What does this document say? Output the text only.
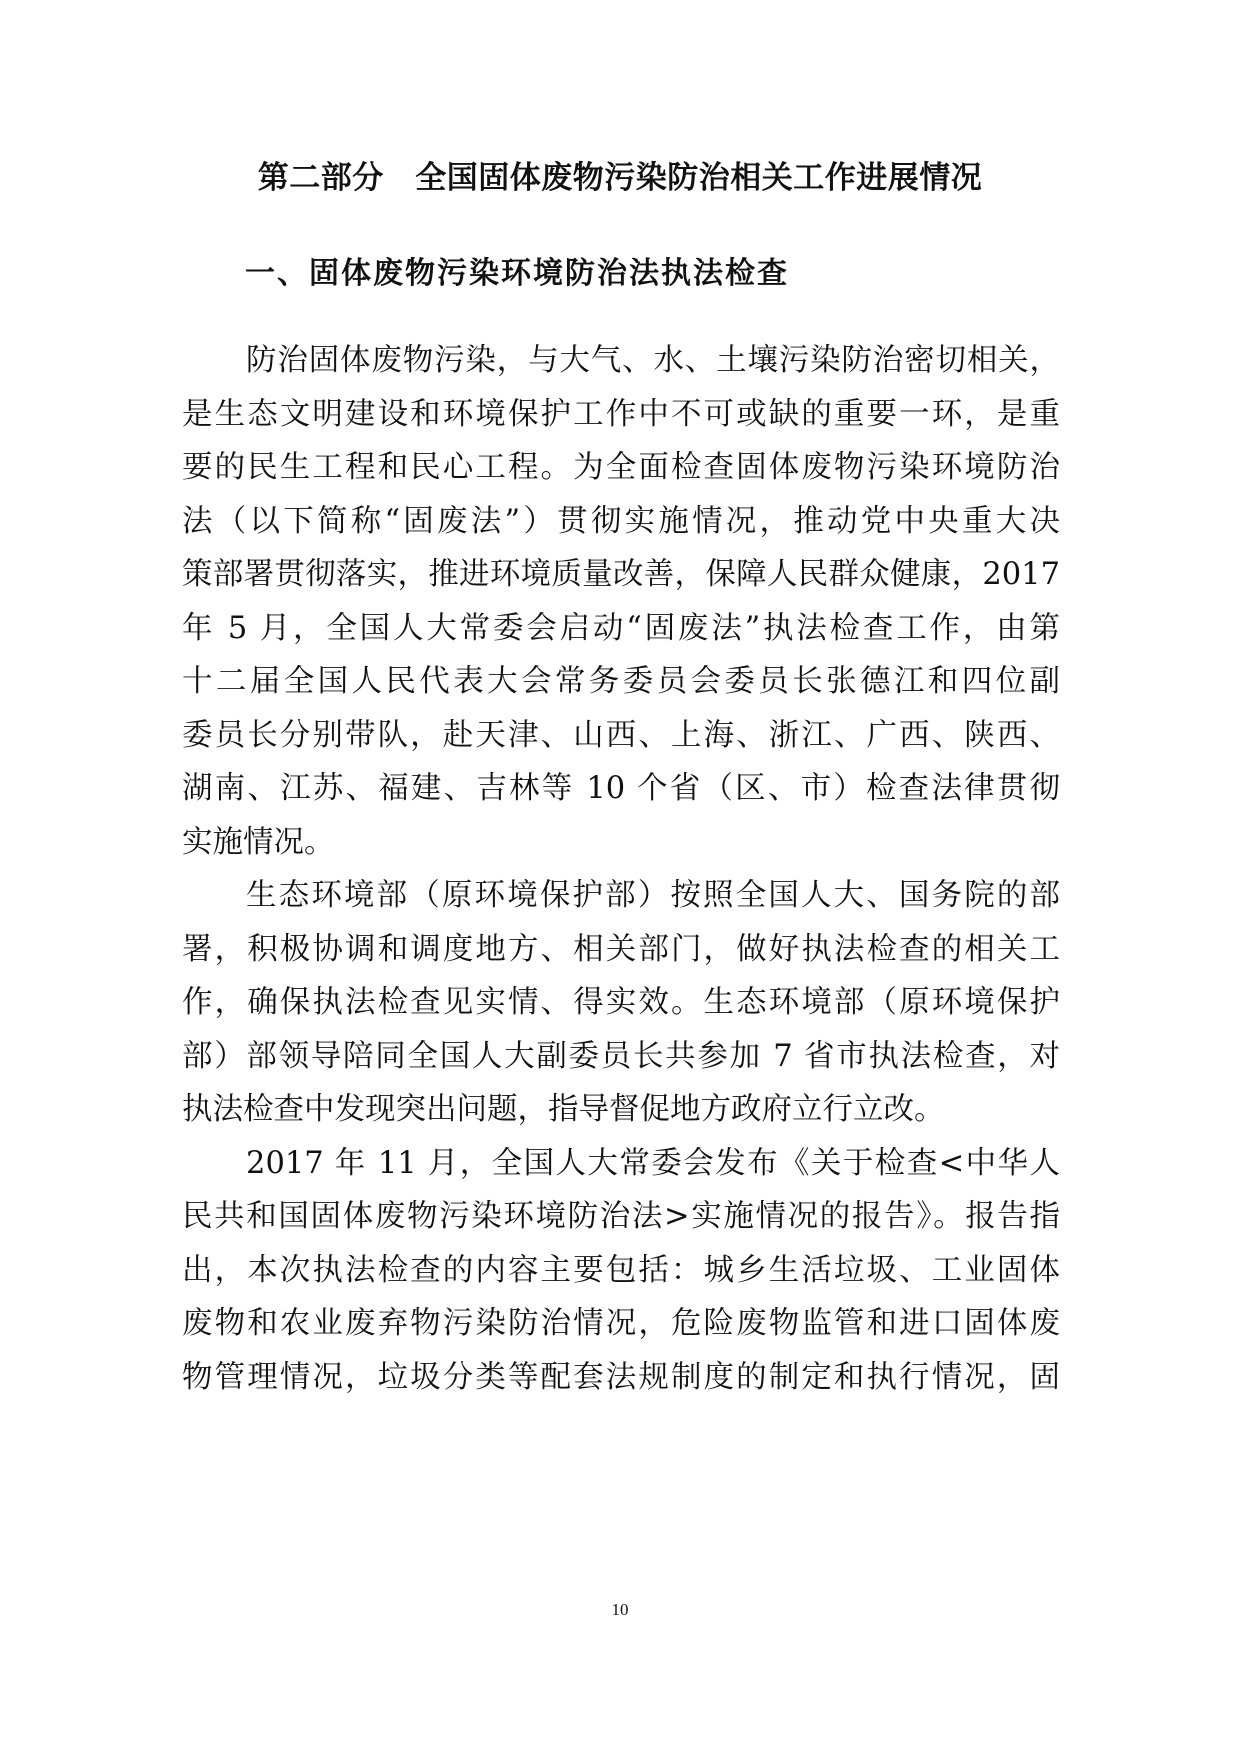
第二部分　全国固体废物污染防治相关工作进展情况
一、固体废物污染环境防治法执法检查

防治固体废物污染，与大气、水、土壤污染防治密切相关，
是生态文明建设和环境保护工作中不可或缺的重要一环，是重
要的民生工程和民心工程。为全面检查固体废物污染环境防治
法（以下简称“固废法”）贯彻实施情况，推动党中央重大决
策部署贯彻落实，推进环境质量改善，保障人民群众健康，2017
年 5 月，全国人大常委会启动“固废法”执法检查工作，由第
十二届全国人民代表大会常务委员会委员长张德江和四位副
委员长分别带队，赴天津、山西、上海、浙江、广西、陕西、
湖南、江苏、福建、吉林等 10 个省（区、市）检查法律贯彻
实施情况。

生态环境部（原环境保护部）按照全国人大、国务院的部
署，积极协调和调度地方、相关部门，做好执法检查的相关工
作，确保执法检查见实情、得实效。生态环境部（原环境保护
部）部领导陪同全国人大副委员长共参加 7 省市执法检查，对
执法检查中发现突出问题，指导督促地方政府立行立改。

2017 年 11 月，全国人大常委会发布《关于检查<中华人
民共和国固体废物污染环境防治法>实施情况的报告》。报告指
出，本次执法检查的内容主要包括：城乡生活垃圾、工业固体
废物和农业废弃物污染防治情况，危险废物监管和进口固体废
物管理情况，垃圾分类等配套法规制度的制定和执行情况，固

10
